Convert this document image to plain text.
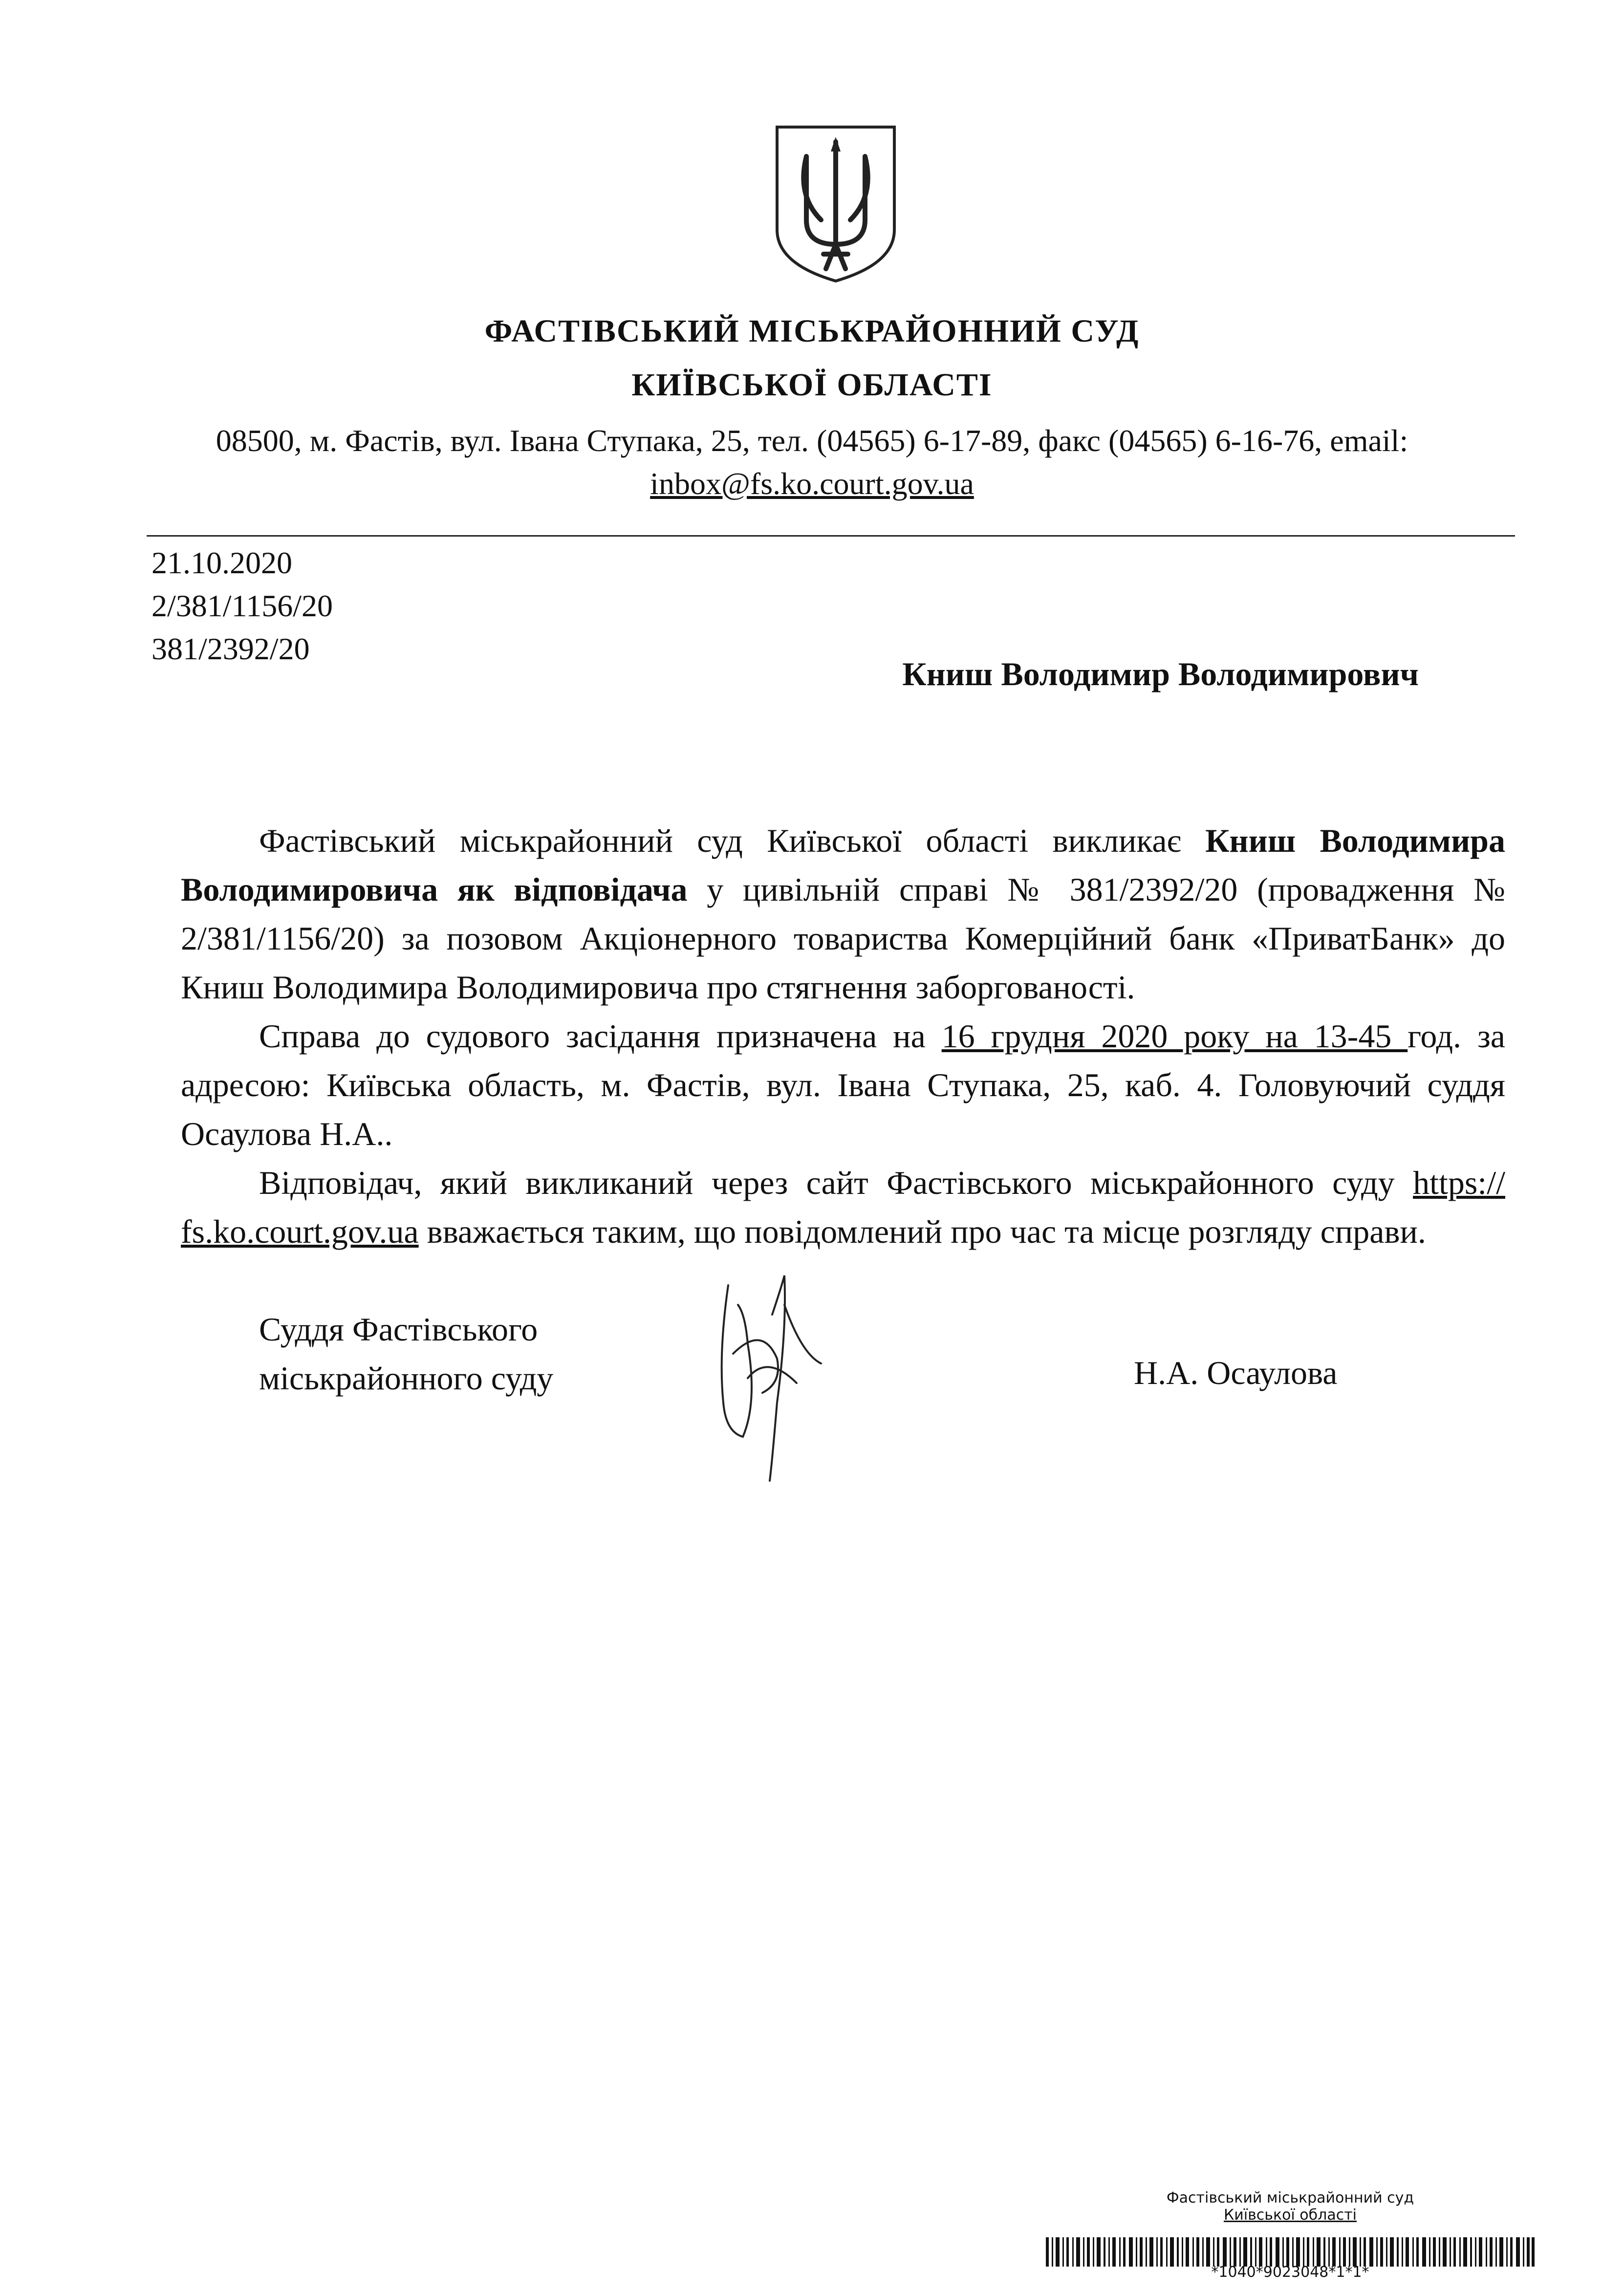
ФАСТІВСЬКИЙ МІСЬКРАЙОННИЙ СУД
КИЇВСЬКОЇ ОБЛАСТІ
08500, м. Фастів, вул. Івана Ступака, 25, тел. (04565) 6-17-89, факс (04565) 6-16-76, email:
inbox@fs.ko.court.gov.ua
21.10.2020
2/381/1156/20
381/2392/20
Книш Володимир Володимирович

Фастівський міськрайонний суд Київської області викликає Книш Володимира Володимировича як відповідача у цивільній справі № 381/2392/20 (провадження № 2/381/1156/20) за позовом Акціонерного товариства Комерційний банк «ПриватБанк» до Книш Володимира Володимировича про стягнення заборгованості.

Справа до судового засідання призначена на 16 грудня 2020 року на 13-45 год. за адресою: Київська область, м. Фастів, вул. Івана Ступака, 25, каб. 4. Головуючий суддя Осаулова Н.А..

Відповідач, який викликаний через сайт Фастівського міськрайонного суду https:// fs.ko.court.gov.ua вважається таким, що повідомлений про час та місце розгляду справи.

Суддя Фастівського
міськрайонного суду	Н.А. Осаулова
Фастівський міськрайонний суд
Київської області
*1040*9023048*1*1*
